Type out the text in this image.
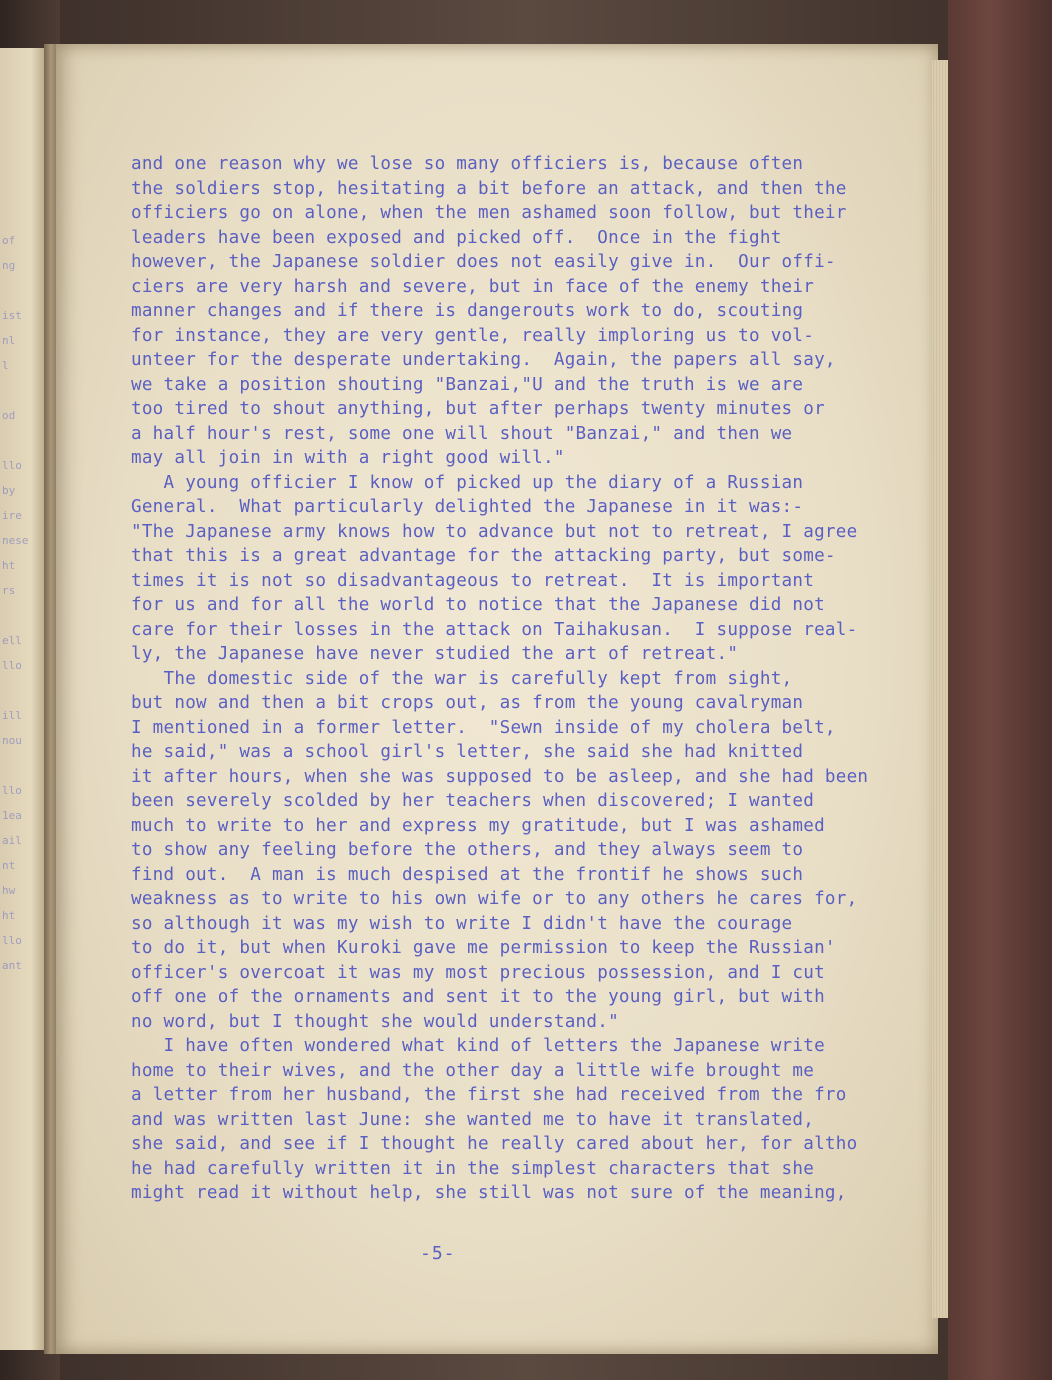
of
ng

ist
nl
l

od

llo
by
ire
nese
ht
rs

ell
llo

ill
nou

llo
1ea
ail
nt
hw
ht
llo
ant
and one reason why we lose so many officiers is, because often
the soldiers stop, hesitating a bit before an attack, and then the
officiers go on alone, when the men ashamed soon follow, but their
leaders have been exposed and picked off.  Once in the fight
however, the Japanese soldier does not easily give in.  Our offi-
ciers are very harsh and severe, but in face of the enemy their
manner changes and if there is dangerouts work to do, scouting
for instance, they are very gentle, really imploring us to vol-
unteer for the desperate undertaking.  Again, the papers all say,
we take a position shouting "Banzai,"U and the truth is we are
too tired to shout anything, but after perhaps twenty minutes or
a half hour's rest, some one will shout "Banzai," and then we
may all join in with a right good will."
A young officier I know of picked up the diary of a Russian
General.  What particularly delighted the Japanese in it was:-
"The Japanese army knows how to advance but not to retreat, I agree
that this is a great advantage for the attacking party, but some-
times it is not so disadvantageous to retreat.  It is important
for us and for all the world to notice that the Japanese did not
care for their losses in the attack on Taihakusan.  I suppose real-
ly, the Japanese have never studied the art of retreat."
The domestic side of the war is carefully kept from sight,
but now and then a bit crops out, as from the young cavalryman
I mentioned in a former letter.  "Sewn inside of my cholera belt,
he said," was a school girl's letter, she said she had knitted
it after hours, when she was supposed to be asleep, and she had been
been severely scolded by her teachers when discovered; I wanted
much to write to her and express my gratitude, but I was ashamed
to show any feeling before the others, and they always seem to
find out.  A man is much despised at the frontif he shows such
weakness as to write to his own wife or to any others he cares for,
so although it was my wish to write I didn't have the courage
to do it, but when Kuroki gave me permission to keep the Russian'
officer's overcoat it was my most precious possession, and I cut
off one of the ornaments and sent it to the young girl, but with
no word, but I thought she would understand."
I have often wondered what kind of letters the Japanese write
home to their wives, and the other day a little wife brought me
a letter from her husband, the first she had received from the fro
and was written last June: she wanted me to have it translated,
she said, and see if I thought he really cared about her, for altho
he had carefully written it in the simplest characters that she
might read it without help, she still was not sure of the meaning,
-5-
